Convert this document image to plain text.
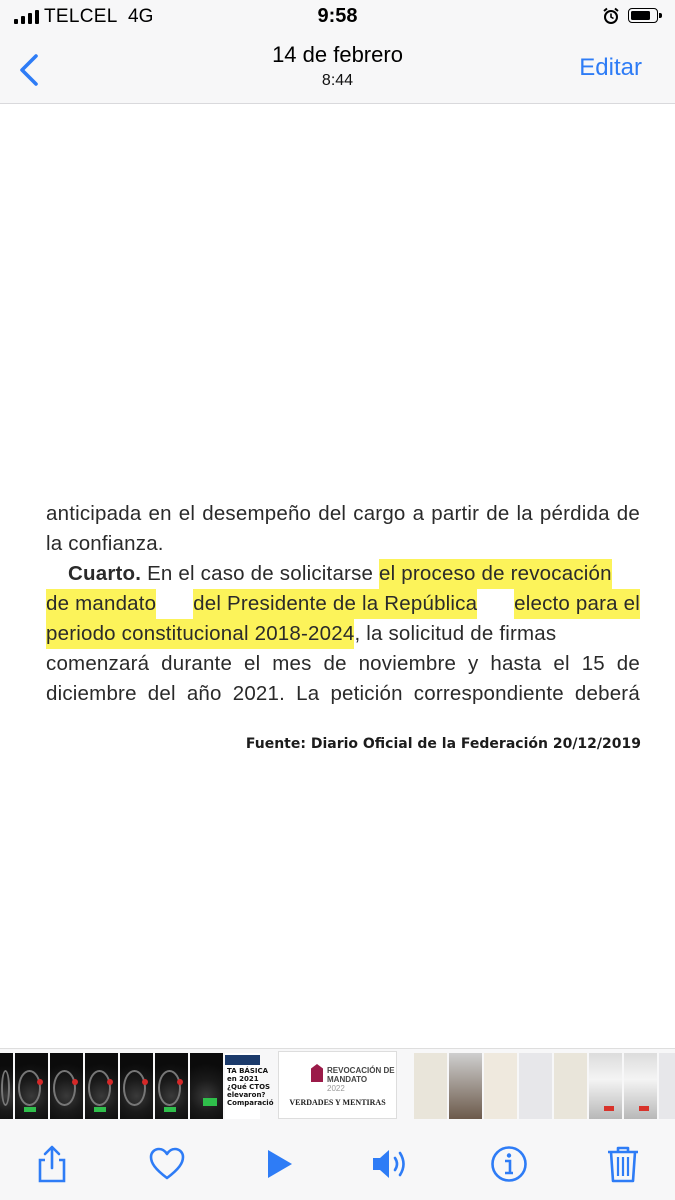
TELCEL 4G	9:58
14 de febrero
8:44	Editar
anticipada en el desempeño del cargo a partir de la pérdida de
la confianza.
Cuarto.
En el caso de solicitarse
el proceso de revocación
de mandato del Presidente de la República electo para el
periodo constitucional 2018-2024 , la solicitud de firmas
comenzará durante el mes de noviembre y hasta el 15 de
diciembre del año 2021. La petición correspondiente deberá
Fuente: Diario Oficial de la Federación 20/12/2019
TA BÁSICA en 2021 ¿Qué CTOS elevaron? Comparació
REVOCACIÓN DE MANDATO
2022
VERDADES Y MENTIRAS
